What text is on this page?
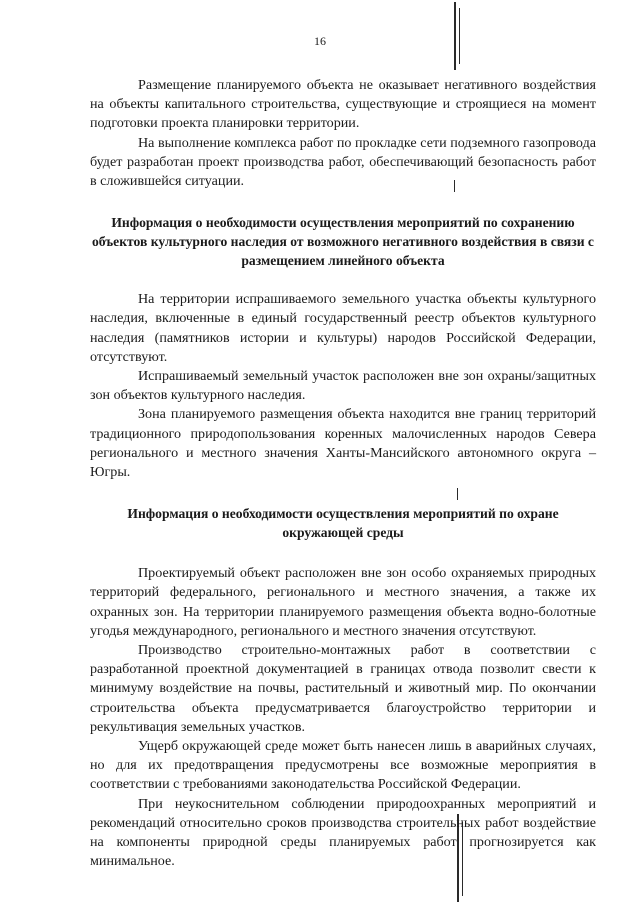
16

Размещение планируемого объекта не оказывает негативного воздействия на объекты капитального строительства, существующие и строящиеся на момент подготовки проекта планировки территории.

На выполнение комплекса работ по прокладке сети подземного газопровода будет разработан проект производства работ, обеспечивающий безопасность работ в сложившейся ситуации.

Информация о необходимости осуществления мероприятий по сохранению объектов культурного наследия от возможного негативного воздействия в связи с размещением линейного объекта

На территории испрашиваемого земельного участка объекты культурного наследия, включенные в единый государственный реестр объектов культурного наследия (памятников истории и культуры) народов Российской Федерации, отсутствуют.

Испрашиваемый земельный участок расположен вне зон охраны/защитных зон объектов культурного наследия.

Зона планируемого размещения объекта находится вне границ территорий традиционного природопользования коренных малочисленных народов Севера регионального и местного значения Ханты-Мансийского автономного округа – Югры.

Информация о необходимости осуществления мероприятий по охране окружающей среды

Проектируемый объект расположен вне зон особо охраняемых природных территорий федерального, регионального и местного значения, а также их охранных зон. На территории планируемого размещения объекта водно-болотные угодья международного, регионального и местного значения отсутствуют.

Производство строительно-монтажных работ в соответствии с разработанной проектной документацией в границах отвода позволит свести к минимуму воздействие на почвы, растительный и животный мир. По окончании строительства объекта предусматривается благоустройство территории и рекультивация земельных участков.

Ущерб окружающей среде может быть нанесен лишь в аварийных случаях, но для их предотвращения предусмотрены все возможные мероприятия в соответствии с требованиями законодательства Российской Федерации.

При неукоснительном соблюдении природоохранных мероприятий и рекомендаций относительно сроков производства строительных работ воздействие на компоненты природной среды планируемых работ прогнозируется как минимальное.
